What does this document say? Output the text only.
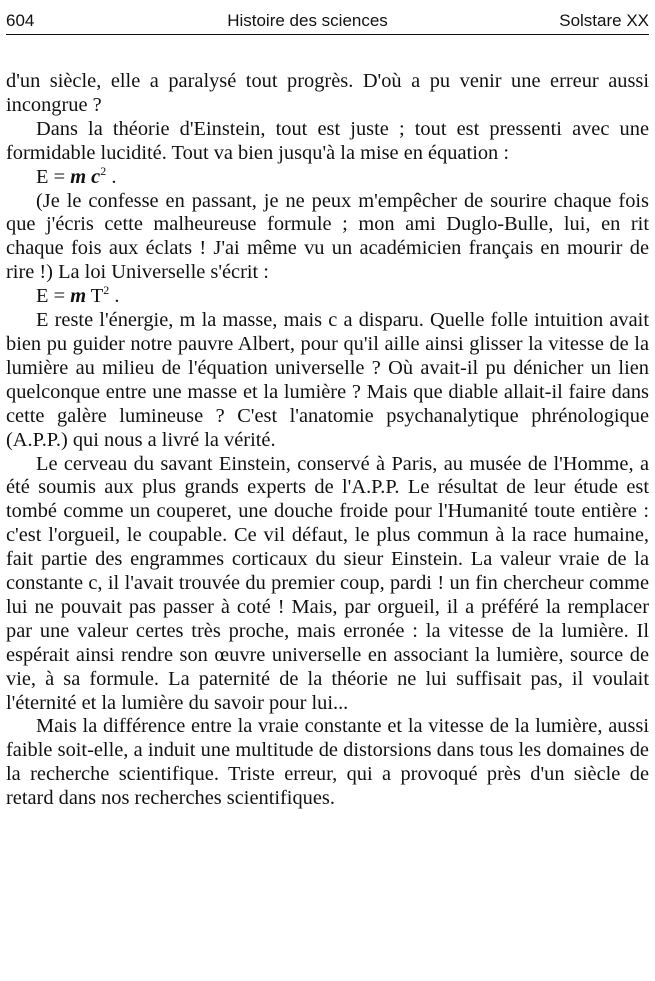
604	Histoire des sciences	Solstare XX

d'un siècle, elle a paralysé tout progrès. D'où a pu venir une erreur aussi incongrue ?

Dans la théorie d'Einstein, tout est juste ; tout est pressenti avec une formidable lucidité. Tout va bien jusqu'à la mise en équation :

E = m $c^2$ .

(Je le confesse en passant, je ne peux m'empêcher de sourire chaque fois que j'écris cette malheureuse formule ; mon ami Duglo-Bulle, lui, en rit chaque fois aux éclats ! J'ai même vu un académicien français en mourir de rire !) La loi Universelle s'écrit :

E = m $T^2$ .

E reste l'énergie, m la masse, mais c a disparu. Quelle folle intuition avait bien pu guider notre pauvre Albert, pour qu'il aille ainsi glisser la vitesse de la lumière au milieu de l'équation universelle ? Où avait-il pu dénicher un lien quelconque entre une masse et la lumière ? Mais que diable allait-il faire dans cette galère lumineuse ? C'est l'anatomie psychanalytique phrénologique (A.P.P.) qui nous a livré la vérité.

Le cerveau du savant Einstein, conservé à Paris, au musée de l'Homme, a été soumis aux plus grands experts de l'A.P.P. Le résultat de leur étude est tombé comme un couperet, une douche froide pour l'Humanité toute entière : c'est l'orgueil, le coupable. Ce vil défaut, le plus commun à la race humaine, fait partie des engrammes corticaux du sieur Einstein. La valeur vraie de la constante c, il l'avait trouvée du premier coup, pardi ! un fin chercheur comme lui ne pouvait pas passer à coté ! Mais, par orgueil, il a préféré la remplacer par une valeur certes très proche, mais erronée : la vitesse de la lumière. Il espérait ainsi rendre son œuvre universelle en associant la lumière, source de vie, à sa formule. La paternité de la théorie ne lui suffisait pas, il voulait l'éternité et la lumière du savoir pour lui...

Mais la différence entre la vraie constante et la vitesse de la lumière, aussi faible soit-elle, a induit une multitude de distorsions dans tous les domaines de la recherche scientifique. Triste erreur, qui a provoqué près d'un siècle de retard dans nos recherches scientifiques.
